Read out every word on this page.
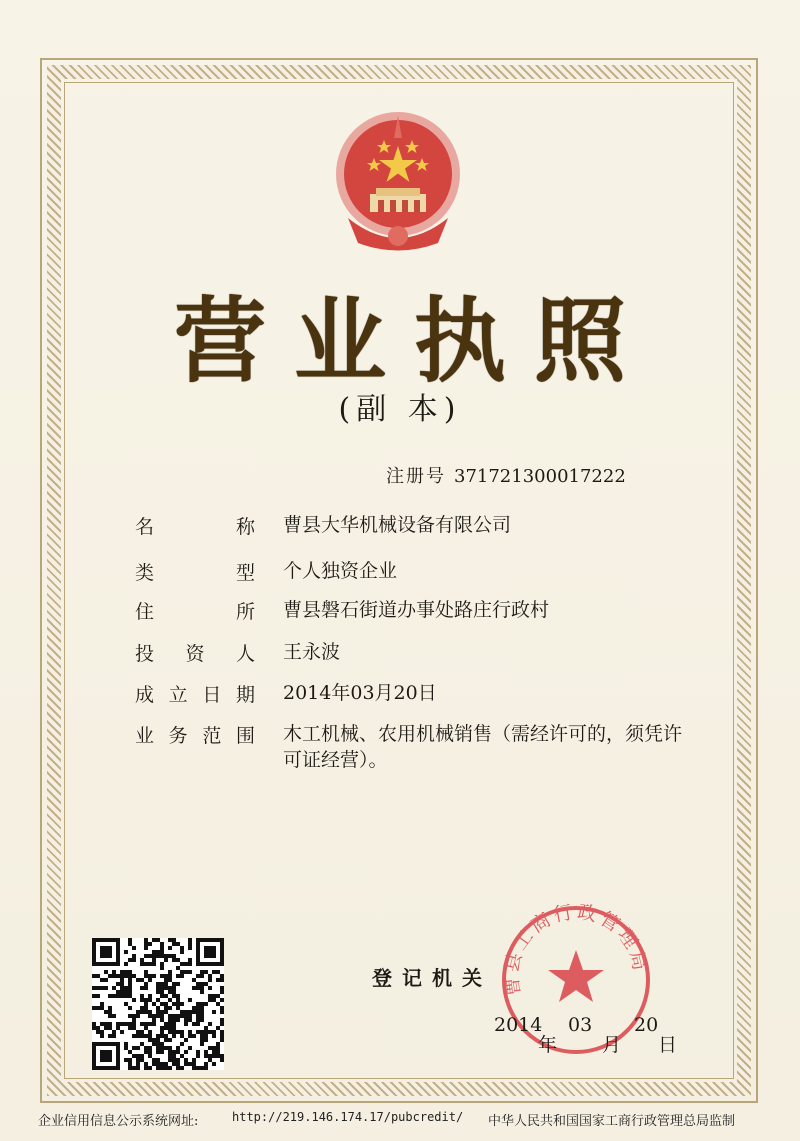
营业执照
(副 本)
注册号 371721300017222
名	称 曹县大华机械设备有限公司
类	型 个人独资企业
住	所 曹县磐石街道办事处路庄行政村
投 资 人 王永波
成 立 日 期 2014年03月20日
业 务 范 围 木工机械、农用机械销售（需经许可的，须凭许可证经营）。
登记机关 曹县工商行政管理局
2014 03 20
年 月 日
企业信用信息公示系统网址:	http://219.146.174.17/pubcredit/ 中华人民共和国国家工商行政管理总局监制
